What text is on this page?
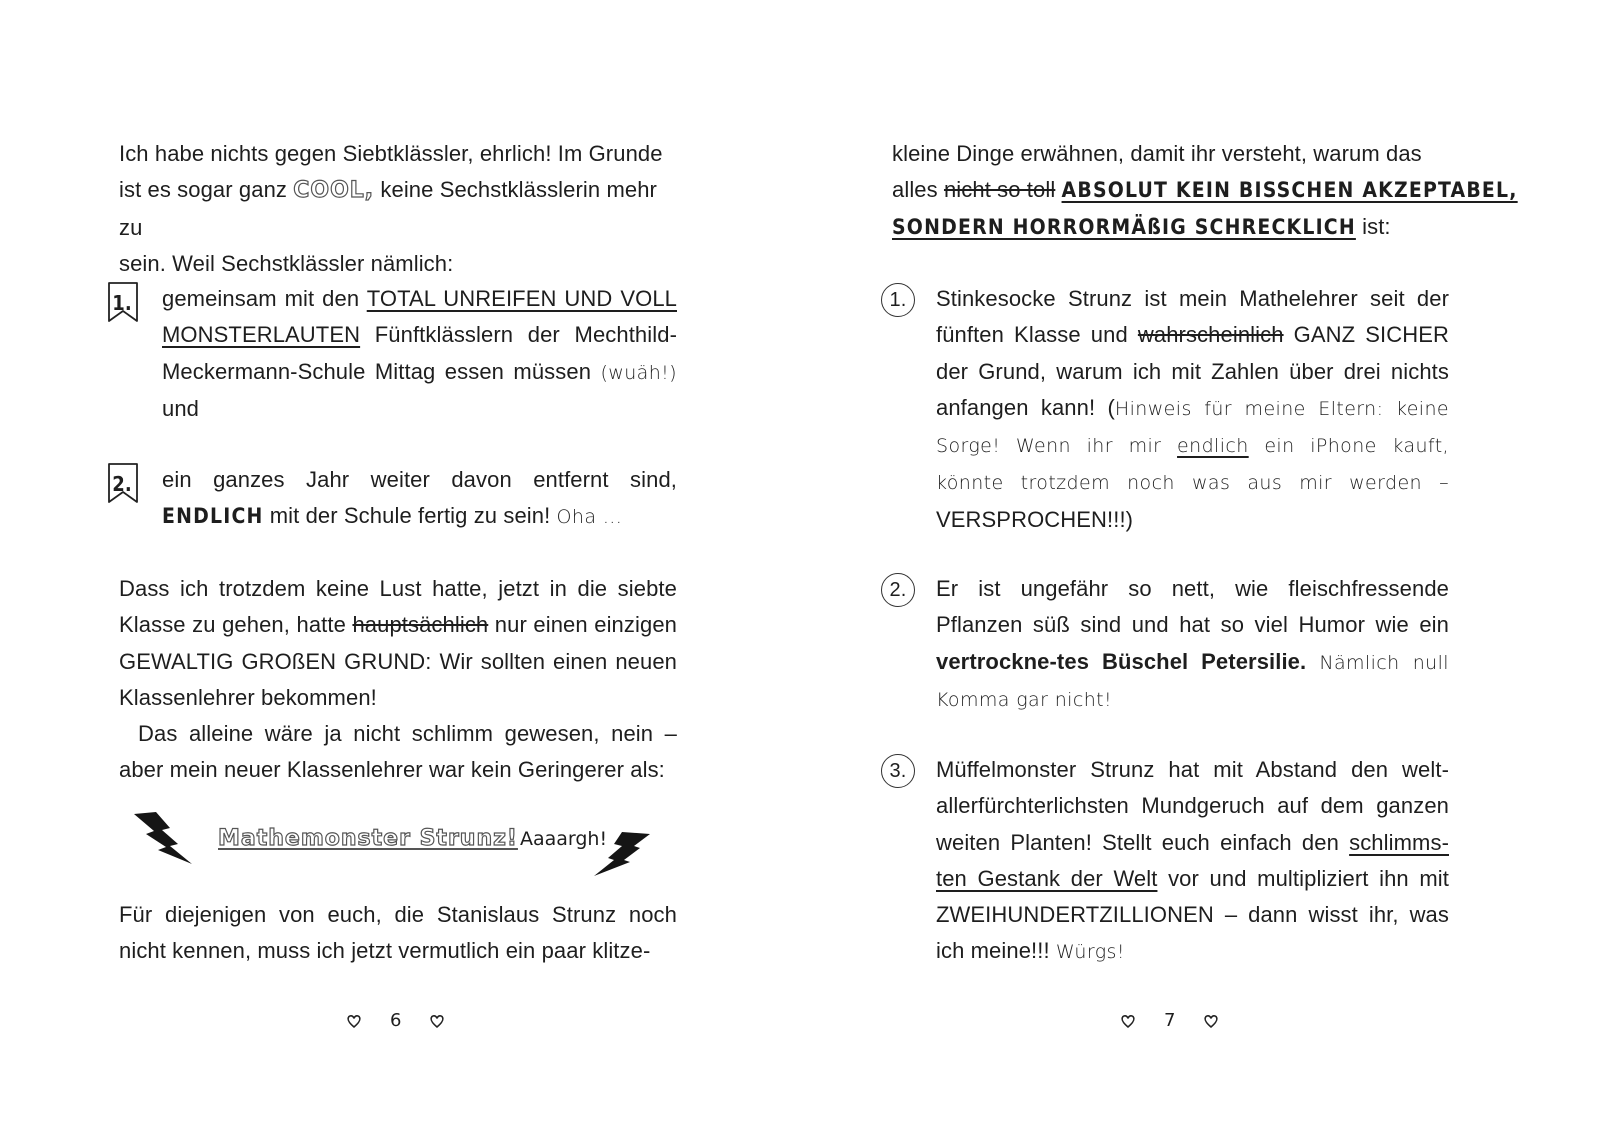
Ich habe nichts gegen Siebtklässler, ehrlich! Im Grunde
ist es sogar ganz COOL, keine Sechstklässlerin mehr zu
sein. Weil Sechstklässler nämlich:
1. gemeinsam mit den TOTAL UNREIFEN UND VOLL MONSTERLAUTEN Fünftklässlern der Mechthild-Meckermann-Schule Mittag essen müssen (wuäh!) und
2. ein ganzes Jahr weiter davon entfernt sind, ENDLICH mit der Schule fertig zu sein! Oha ...
Dass ich trotzdem keine Lust hatte, jetzt in die siebte Klasse zu gehen, hatte hauptsächlich nur einen einzigen GEWALTIG GROßEN GRUND: Wir sollten einen neuen Klassenlehrer bekommen!
Das alleine wäre ja nicht schlimm gewesen, nein – aber mein neuer Klassenlehrer war kein Geringerer als:
Mathemonster Strunz! Aaaargh!
Für diejenigen von euch, die Stanislaus Strunz noch nicht kennen, muss ich jetzt vermutlich ein paar klitze-
6
kleine Dinge erwähnen, damit ihr versteht, warum das
alles nicht so toll ABSOLUT KEIN BISSCHEN AKZEPTABEL,
SONDERN HORRORMÄßIG SCHRECKLICH ist:
1. Stinkesocke Strunz ist mein Mathelehrer seit der fünften Klasse und wahrscheinlich GANZ SICHER der Grund, warum ich mit Zahlen über drei nichts anfangen kann! (Hinweis für meine Eltern: keine Sorge! Wenn ihr mir endlich ein iPhone kauft, könnte trotzdem noch was aus mir werden – VERSPROCHEN!!!)
2. Er ist ungefähr so nett, wie fleischfressende Pflanzen süß sind und hat so viel Humor wie ein vertrockne-tes Büschel Petersilie. Nämlich null Komma gar nicht!
3. Müffelmonster Strunz hat mit Abstand den welt-allerfürchterlichsten Mundgeruch auf dem ganzen weiten Planten! Stellt euch einfach den schlimms-ten Gestank der Welt vor und multipliziert ihn mit ZWEIHUNDERTZILLIONEN – dann wisst ihr, was ich meine!!! Würgs!
7
